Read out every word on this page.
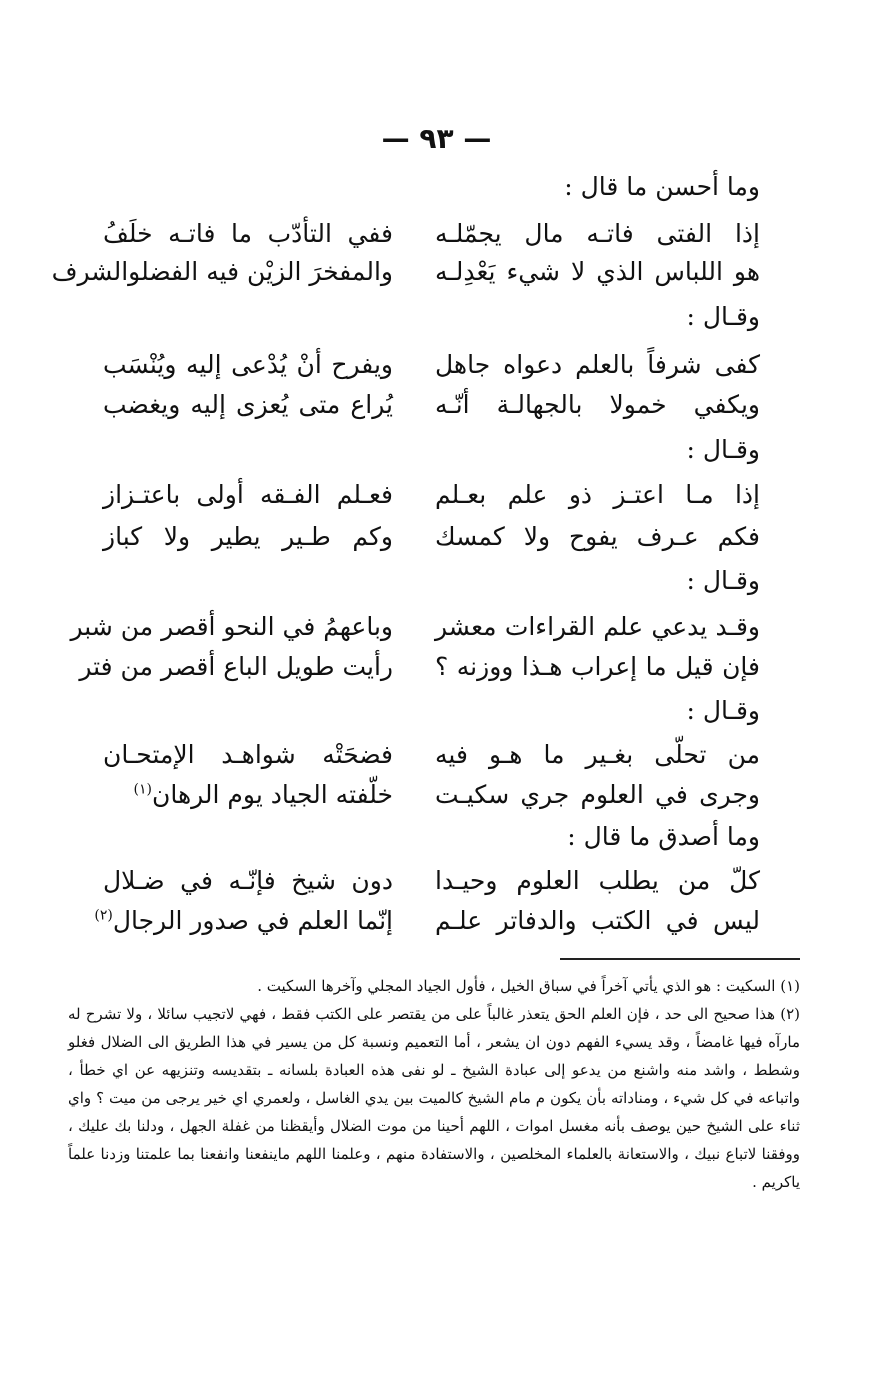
— ٩٣ —
وما أحسن ما قال :
إذا الفتى فاتـه مال يجمّلـه
ففي التأدّب ما فاتـه خلَفُ
هو اللباس الذي لا شيء يَعْدِلـه
والمفخرَ الزيْن فيه الفضلوالشرف
وقـال :
كفى شرفاً بالعلم دعواه جاهل
ويفرح أنْ يُدْعى إليه ويُنْسَب
ويكفي خمولا بالجهالـة أنّـه
يُراع متى يُعزى إليه ويغضب
وقـال :
إذا مـا اعتـز ذو علم بعـلم
فعـلم الفـقه أولى باعتـزاز
فكم عـرف يفوح ولا كمسك
وكم طـير يطير ولا كباز
وقـال :
وقـد يدعي علم القراءات معشر
وباعهمُ في النحو أقصر من شبر
فإن قيل ما إعراب هـذا ووزنه ؟
رأيت طويل الباع أقصر من فتر
وقـال :
من تحلّى بغـير ما هـو فيه
فضحَتْه شواهـد الإمتحـان
وجرى في العلوم جري سكيـت
خلّفته الجياد يوم الرهان$^{(١)}$
وما أصدق ما قال :
كلّ من يطلب العلوم وحيـدا
دون شيخ فإنّـه في ضـلال
ليس في الكتب والدفاتر علـم
إنّما العلم في صدور الرجال$^{(٢)}$

(١) السكيت : هو الذي يأتي آخراً في سباق الخيل ، فأول الجياد المجلي وآخرها السكيت .

(٢) هذا صحيح الى حد ، فإن العلم الحق يتعذر غالباً على من يقتصر على الكتب فقط ، فهي لاتجيب سائلا ، ولا تشرح له مارآه فيها غامضاً ، وقد يسيء الفهم دون ان يشعر ، أما التعميم ونسبة كل من يسير في هذا الطريق الى الضلال فغلو وشطط ، واشد منه واشنع من يدعو إلى عبادة الشيخ ـ لو نفى هذه العبادة بلسانه ـ بتقديسه وتنزيهه عن اي خطأ ، واتباعه في كل شيء ، ومناداته بأن يكون م مام الشيخ كالميت بين يدي الغاسل ، ولعمري اي خير يرجى من ميت ؟ واي ثناء على الشيخ حين يوصف بأنه مغسل اموات ، اللهم أحينا من موت الضلال وأيقظنا من غفلة الجهل ، ودلنا بك عليك ، ووفقنا لاتباع نبيك ، والاستعانة بالعلماء المخلصين ، والاستفادة منهم ، وعلمنا اللهم ماينفعنا وانفعنا بما علمتنا وزدنا علماً ياكريم .
